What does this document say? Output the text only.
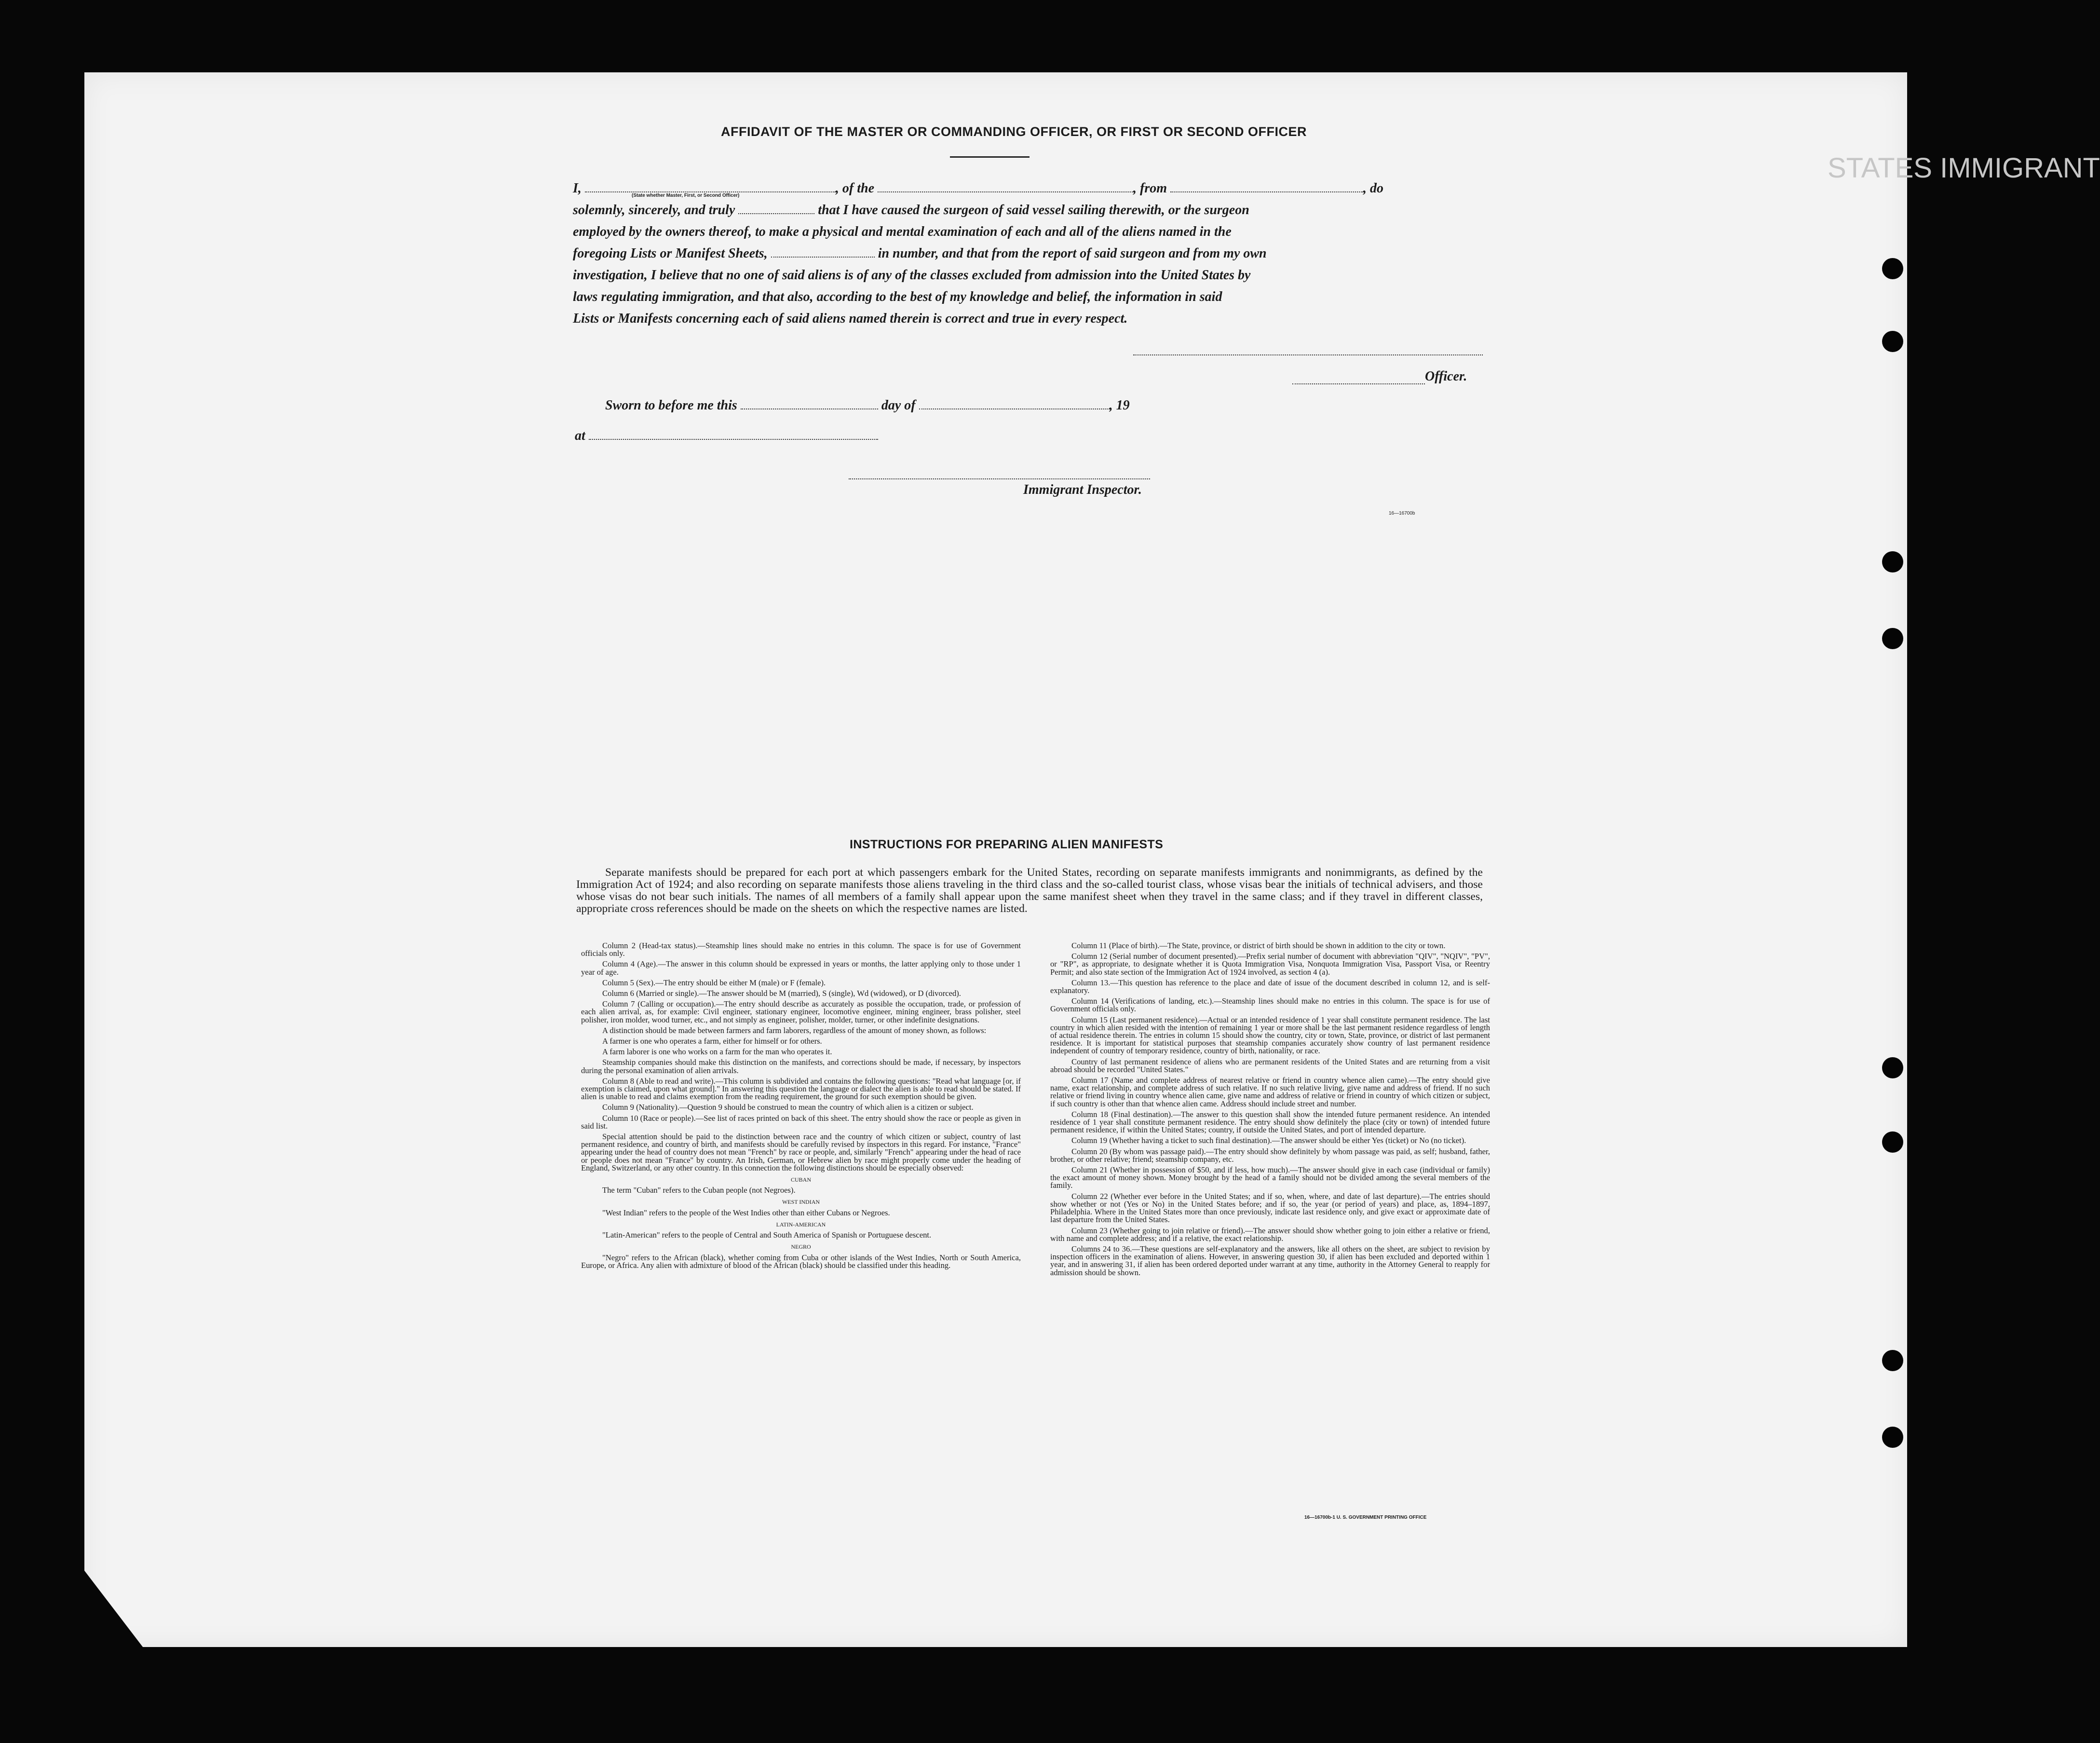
STATES IMMIGRANT
AFFIDAVIT OF THE MASTER OR COMMANDING OFFICER, OR FIRST OR SECOND OFFICER
I,	, of the	, from	, do
solemnly, sincerely, and truly	that I have caused the surgeon of said vessel sailing therewith, or the surgeon
employed by the owners thereof, to make a physical and mental examination of each and all of the aliens named in the
foregoing Lists or Manifest Sheets,	in number, and that from the report of said surgeon and from my own
investigation, I believe that no one of said aliens is of any of the classes excluded from admission into the United States by
laws regulating immigration, and that also, according to the best of my knowledge and belief, the information in said
Lists or Manifests concerning each of said aliens named therein is correct and true in every respect.
(State whether Master, First, or Second Officer)
Officer.
Sworn to before me this	day of	, 19
at
Immigrant Inspector.
16—16700b
INSTRUCTIONS FOR PREPARING ALIEN MANIFESTS
Separate manifests should be prepared for each port at which passengers embark for the United States, recording on separate manifests immigrants and nonimmigrants, as defined by the Immigration Act of 1924; and also recording on separate manifests those aliens traveling in the third class and the so-called tourist class, whose visas bear the initials of technical advisers, and those whose visas do not bear such initials. The names of all members of a family shall appear upon the same manifest sheet when they travel in the same class; and if they travel in different classes, appropriate cross references should be made on the sheets on which the respective names are listed.

Column 2 (Head-tax status).—Steamship lines should make no entries in this column. The space is for use of Government officials only.

Column 4 (Age).—The answer in this column should be expressed in years or months, the latter applying only to those under 1 year of age.

Column 5 (Sex).—The entry should be either M (male) or F (female).

Column 6 (Married or single).—The answer should be M (married), S (single), Wd (widowed), or D (divorced).

Column 7 (Calling or occupation).—The entry should describe as accurately as possible the occupation, trade, or profession of each alien arrival, as, for example: Civil engineer, stationary engineer, locomotive engineer, mining engineer, brass polisher, steel polisher, iron molder, wood turner, etc., and not simply as engineer, polisher, molder, turner, or other indefinite designations.

A distinction should be made between farmers and farm laborers, regardless of the amount of money shown, as follows:

A farmer is one who operates a farm, either for himself or for others.

A farm laborer is one who works on a farm for the man who operates it.

Steamship companies should make this distinction on the manifests, and corrections should be made, if necessary, by inspectors during the personal examination of alien arrivals.

Column 8 (Able to read and write).—This column is subdivided and contains the following questions: "Read what language [or, if exemption is claimed, upon what ground]." In answering this question the language or dialect the alien is able to read should be stated. If alien is unable to read and claims exemption from the reading requirement, the ground for such exemption should be given.

Column 9 (Nationality).—Question 9 should be construed to mean the country of which alien is a citizen or subject.

Column 10 (Race or people).—See list of races printed on back of this sheet. The entry should show the race or people as given in said list.

Special attention should be paid to the distinction between race and the country of which citizen or subject, country of last permanent residence, and country of birth, and manifests should be carefully revised by inspectors in this regard. For instance, "France" appearing under the head of country does not mean "French" by race or people, and, similarly "French" appearing under the head of race or people does not mean "France" by country. An Irish, German, or Hebrew alien by race might properly come under the heading of England, Switzerland, or any other country. In this connection the following distinctions should be especially observed:

CUBAN

The term "Cuban" refers to the Cuban people (not Negroes).

WEST INDIAN

"West Indian" refers to the people of the West Indies other than either Cubans or Negroes.

LATIN-AMERICAN

"Latin-American" refers to the people of Central and South America of Spanish or Portuguese descent.

NEGRO

"Negro" refers to the African (black), whether coming from Cuba or other islands of the West Indies, North or South America, Europe, or Africa. Any alien with admixture of blood of the African (black) should be classified under this heading.

Column 11 (Place of birth).—The State, province, or district of birth should be shown in addition to the city or town.

Column 12 (Serial number of document presented).—Prefix serial number of document with abbreviation "QIV", "NQIV", "PV", or "RP", as appropriate, to designate whether it is Quota Immigration Visa, Nonquota Immigration Visa, Passport Visa, or Reentry Permit; and also state section of the Immigration Act of 1924 involved, as section 4 (a).

Column 13.—This question has reference to the place and date of issue of the document described in column 12, and is self-explanatory.

Column 14 (Verifications of landing, etc.).—Steamship lines should make no entries in this column. The space is for use of Government officials only.

Column 15 (Last permanent residence).—Actual or an intended residence of 1 year shall constitute permanent residence. The last country in which alien resided with the intention of remaining 1 year or more shall be the last permanent residence regardless of length of actual residence therein. The entries in column 15 should show the country, city or town, State, province, or district of last permanent residence. It is important for statistical purposes that steamship companies accurately show country of last permanent residence independent of country of temporary residence, country of birth, nationality, or race.

Country of last permanent residence of aliens who are permanent residents of the United States and are returning from a visit abroad should be recorded "United States."

Column 17 (Name and complete address of nearest relative or friend in country whence alien came).—The entry should give name, exact relationship, and complete address of such relative. If no such relative living, give name and address of friend. If no such relative or friend living in country whence alien came, give name and address of relative or friend in country of which citizen or subject, if such country is other than that whence alien came. Address should include street and number.

Column 18 (Final destination).—The answer to this question shall show the intended future permanent residence. An intended residence of 1 year shall constitute permanent residence. The entry should show definitely the place (city or town) of intended future permanent residence, if within the United States; country, if outside the United States, and port of intended departure.

Column 19 (Whether having a ticket to such final destination).—The answer should be either Yes (ticket) or No (no ticket).

Column 20 (By whom was passage paid).—The entry should show definitely by whom passage was paid, as self; husband, father, brother, or other relative; friend; steamship company, etc.

Column 21 (Whether in possession of $50, and if less, how much).—The answer should give in each case (individual or family) the exact amount of money shown. Money brought by the head of a family should not be divided among the several members of the family.

Column 22 (Whether ever before in the United States; and if so, when, where, and date of last departure).—The entries should show whether or not (Yes or No) in the United States before; and if so, the year (or period of years) and place, as, 1894–1897, Philadelphia. Where in the United States more than once previously, indicate last residence only, and give exact or approximate date of last departure from the United States.

Column 23 (Whether going to join relative or friend).—The answer should show whether going to join either a relative or friend, with name and complete address; and if a relative, the exact relationship.

Columns 24 to 36.—These questions are self-explanatory and the answers, like all others on the sheet, are subject to revision by inspection officers in the examination of aliens. However, in answering question 30, if alien has been excluded and deported within 1 year, and in answering 31, if alien has been ordered deported under warrant at any time, authority in the Attorney General to reapply for admission should be shown.

16—16700b-1 U. S. GOVERNMENT PRINTING OFFICE
